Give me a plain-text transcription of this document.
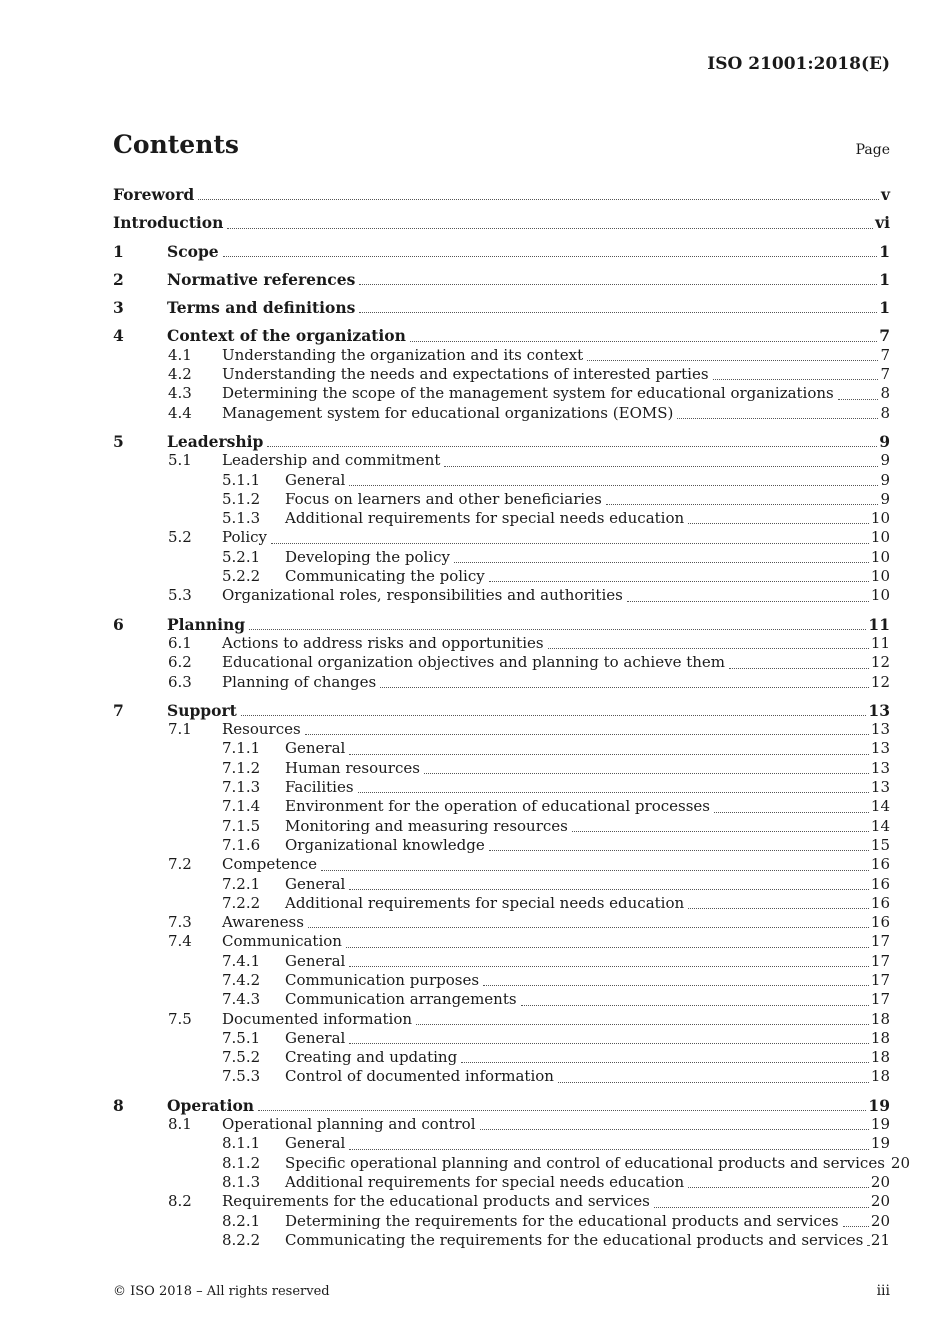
ISO 21001:2018(E)
Contents	Page
Foreword	v
Introduction	vi
1	Scope	1
2	Normative references	1
3	Terms and definitions	1
4	Context of the organization	7
4.1 Understanding the organization and its context	7
4.2 Understanding the needs and expectations of interested parties	7
4.3 Determining the scope of the management system for educational organizations	8
4.4 Management system for educational organizations (EOMS)	8
5	Leadership	9
5.1 Leadership and commitment	9
5.1.1 General	9
5.1.2 Focus on learners and other beneficiaries	9
5.1.3 Additional requirements for special needs education	10
5.2 Policy	10
5.2.1 Developing the policy	10
5.2.2 Communicating the policy	10
5.3 Organizational roles, responsibilities and authorities	10
6	Planning	11
6.1 Actions to address risks and opportunities	11
6.2 Educational organization objectives and planning to achieve them	12
6.3 Planning of changes	12
7	Support	13
7.1 Resources	13
7.1.1 General	13
7.1.2 Human resources	13
7.1.3 Facilities	13
7.1.4 Environment for the operation of educational processes	14
7.1.5 Monitoring and measuring resources	14
7.1.6 Organizational knowledge	15
7.2 Competence	16
7.2.1 General	16
7.2.2 Additional requirements for special needs education	16
7.3 Awareness	16
7.4 Communication	17
7.4.1 General	17
7.4.2 Communication purposes	17
7.4.3 Communication arrangements	17
7.5 Documented information	18
7.5.1 General	18
7.5.2 Creating and updating	18
7.5.3 Control of documented information	18
8	Operation	19
8.1 Operational planning and control	19
8.1.1 General	19
8.1.2 Specific operational planning and control of educational products and services 20
8.1.3 Additional requirements for special needs education	20
8.2 Requirements for the educational products and services	20
8.2.1 Determining the requirements for the educational products and services 20
8.2.2 Communicating the requirements for the educational products and services 21
© ISO 2018 – All rights reserved	iii
